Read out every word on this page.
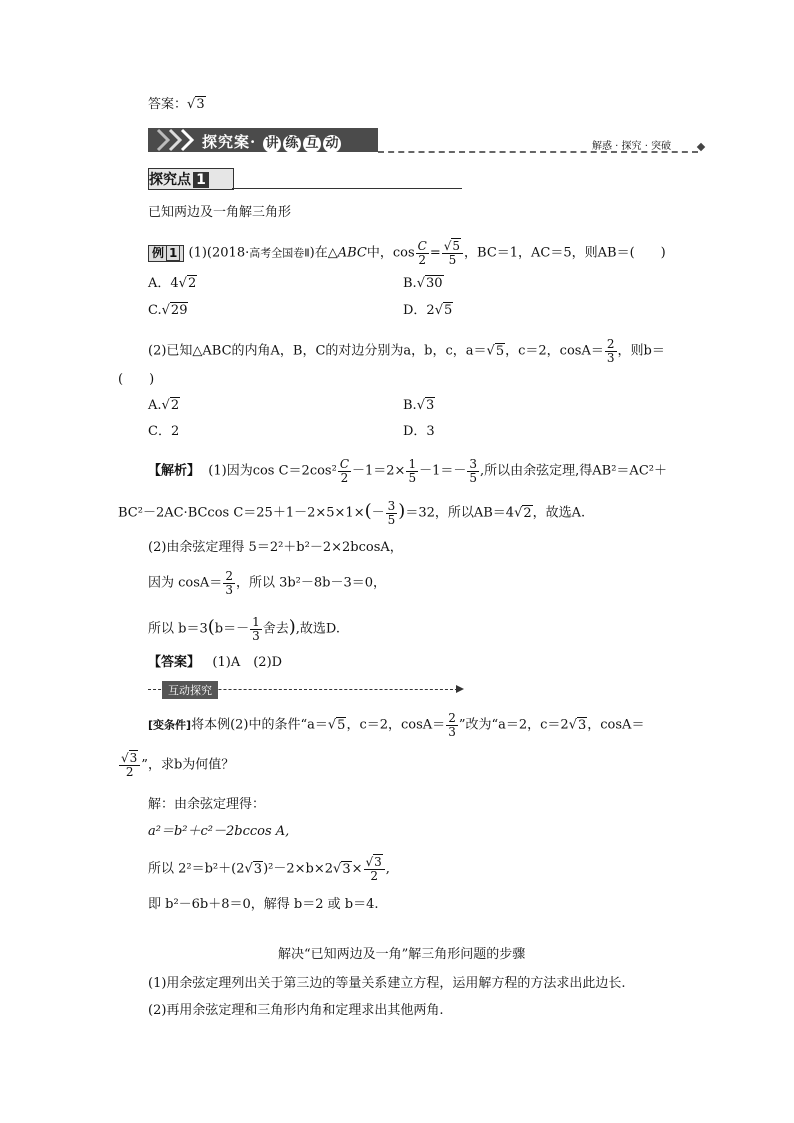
答案：√3
探究案· 讲 练 互 动	解惑 · 探究 · 突破
探究点 1
已知两边及一角解三角形
例 1 (1)(2018·高考全国卷Ⅱ)在△ABC中，$\cos \frac{C}{2} = \frac{√5}{5}$ ，BC＝1，AC＝5，则AB＝(　　)
A．4√2	B.√30
C.√29	D．2√5
(2)已知△ABC的内角A，B，C的对边分别为a，b，c，a＝√5，c＝2，$\cos A= \frac{2}{3}$ ，则b＝
(　　)
A.√2	B.√3
C．2	D．3
【解析】 (1)因为$\cos C=2\cos^2 \frac{C}{2} -1=2\times \frac{1}{5} -1=- \frac{3}{5}$ ,所以由余弦定理,得AB²＝AC²＋
BC²－2AC·BCcos $C=25+1-2\times 5\times 1\times(- \frac{3}{5} )=32$，所以AB＝4√2，故选A.
(2)由余弦定理得 5＝2²＋b²－2×2bcosA，
因为 $\cos A= \frac{2}{3}$ ，所以 3b²－8b－3＝0，
所以 $b=3(b=- \frac{1}{3}$ 舍去),故选D.
【答案】 (1)A　(2)D
互动探究
[变条件]将本例(2)中的条件“a＝√5，c＝2，$\cos A= \frac{2}{3}$ ”改为“a＝2，c＝2√3，cosA＝
$\frac{√3}{2}$ ”，求b为何值？
解：由余弦定理得：
a²＝b²＋c²－2bccos A,
所以 $2^2=b^2+(2√3)^2-2\times b\times 2√3\times \frac{√3}{2}$ ,
即 b²－6b＋8＝0，解得 b＝2 或 b＝4.
解决“已知两边及一角”解三角形问题的步骤
(1)用余弦定理列出关于第三边的等量关系建立方程，运用解方程的方法求出此边长.
(2)再用余弦定理和三角形内角和定理求出其他两角.
